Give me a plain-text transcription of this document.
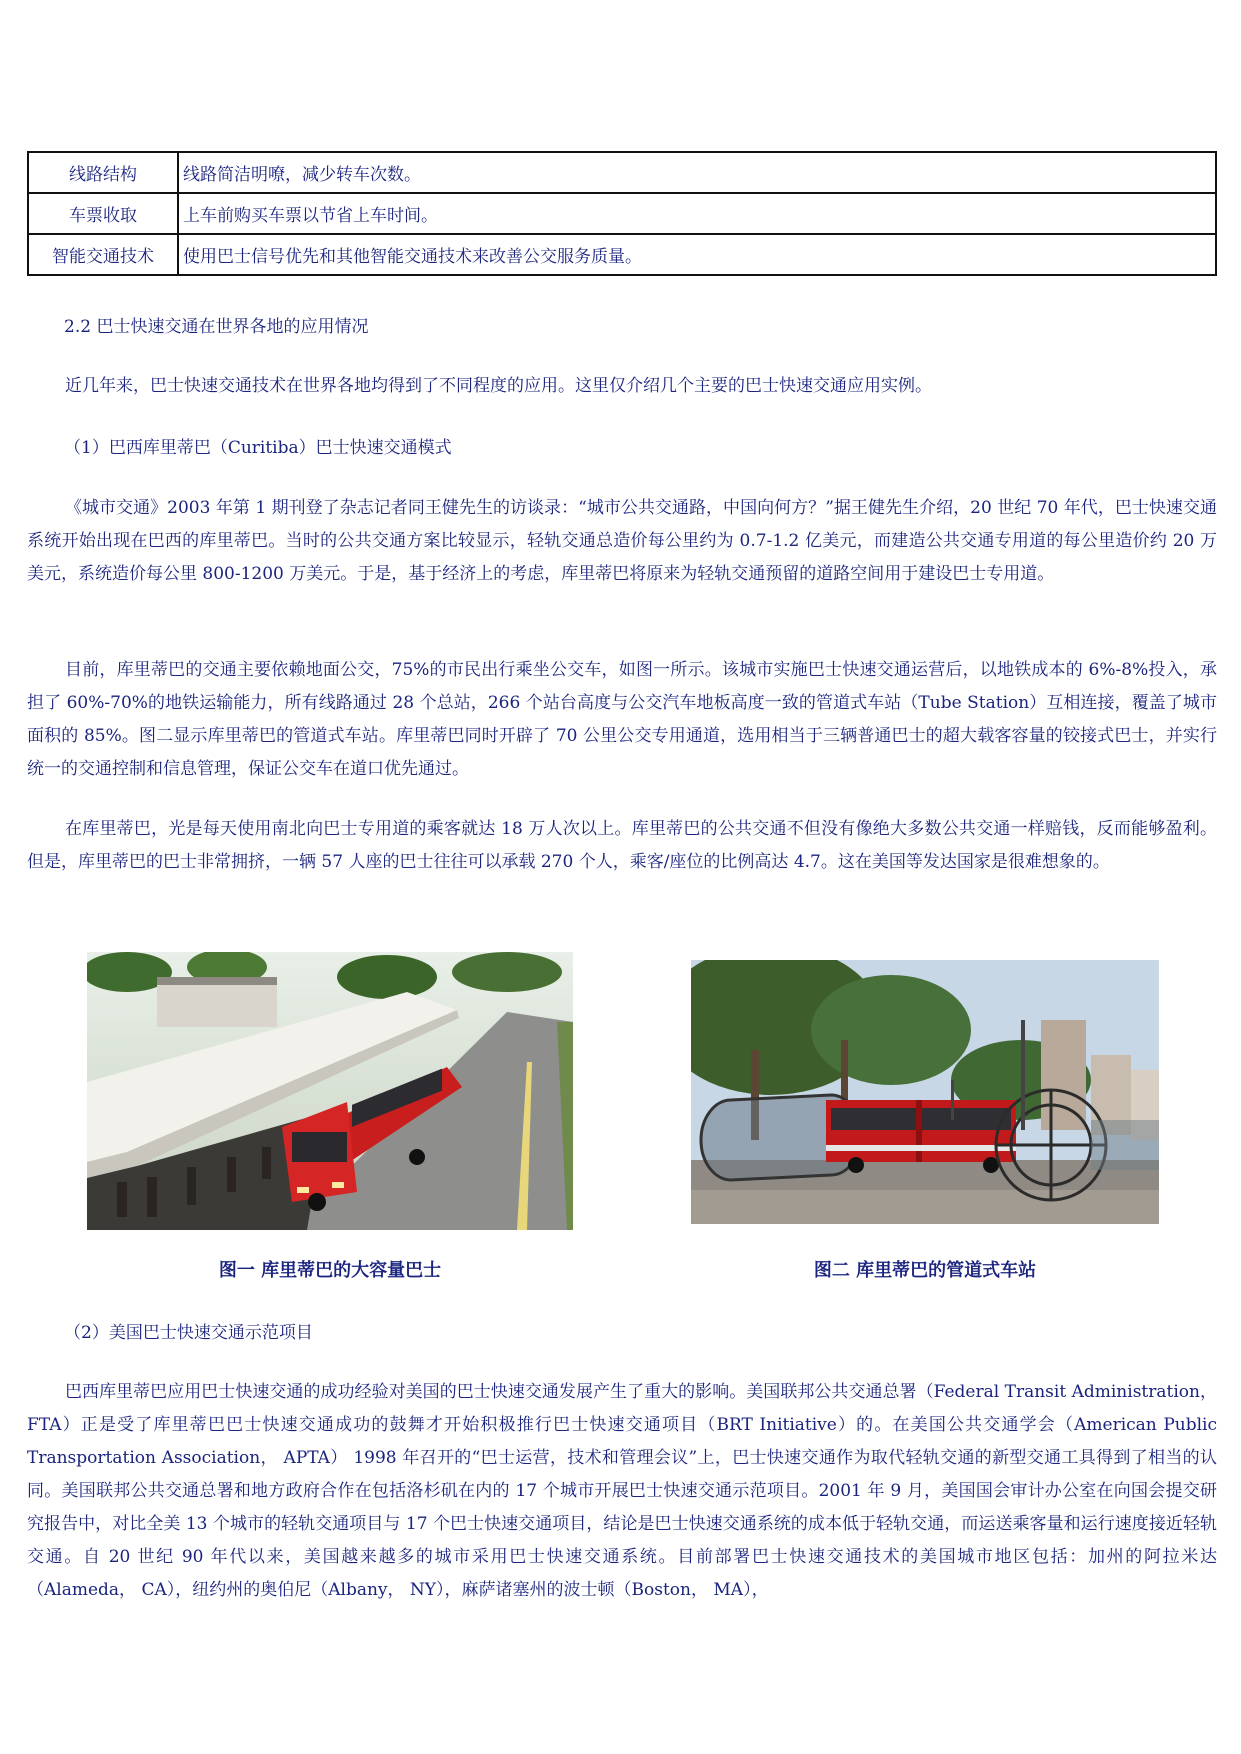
线路结构	线路简洁明嘹，减少转车次数。
车票收取	上车前购买车票以节省上车时间。
智能交通技术	使用巴士信号优先和其他智能交通技术来改善公交服务质量。

2.2 巴士快速交通在世界各地的应用情况

近几年来，巴士快速交通技术在世界各地均得到了不同程度的应用。这里仅介绍几个主要的巴士快速交通应用实例。

（1）巴西库里蒂巴（Curitiba）巴士快速交通模式

《城市交通》2003 年第 1 期刊登了杂志记者同王健先生的访谈录：“城市公共交通路，中国向何方？”据王健先生介绍，20 世纪 70 年代，巴士快速交通系统开始出现在巴西的库里蒂巴。当时的公共交通方案比较显示，轻轨交通总造价每公里约为 0.7-1.2 亿美元，而建造公共交通专用道的每公里造价约 20 万美元，系统造价每公里 800-1200 万美元。于是，基于经济上的考虑，库里蒂巴将原来为轻轨交通预留的道路空间用于建设巴士专用道。

目前，库里蒂巴的交通主要依赖地面公交，75%的市民出行乘坐公交车，如图一所示。该城市实施巴士快速交通运营后，以地铁成本的 6%-8%投入，承担了 60%-70%的地铁运输能力，所有线路通过 28 个总站，266 个站台高度与公交汽车地板高度一致的管道式车站（Tube Station）互相连接，覆盖了城市面积的 85%。图二显示库里蒂巴的管道式车站。库里蒂巴同时开辟了 70 公里公交专用通道，选用相当于三辆普通巴士的超大载客容量的铰接式巴士，并实行统一的交通控制和信息管理，保证公交车在道口优先通过。

在库里蒂巴，光是每天使用南北向巴士专用道的乘客就达 18 万人次以上。库里蒂巴的公共交通不但没有像绝大多数公共交通一样赔钱，反而能够盈利。但是，库里蒂巴的巴士非常拥挤，一辆 57 人座的巴士往往可以承载 270 个人，乘客/座位的比例高达 4.7。这在美国等发达国家是很难想象的。

图一 库里蒂巴的大容量巴士	图二 库里蒂巴的管道式车站

（2）美国巴士快速交通示范项目

巴西库里蒂巴应用巴士快速交通的成功经验对美国的巴士快速交通发展产生了重大的影响。美国联邦公共交通总署（Federal Transit Administration， FTA）正是受了库里蒂巴巴士快速交通成功的鼓舞才开始积极推行巴士快速交通项目（BRT Initiative）的。在美国公共交通学会（American Public Transportation Association， APTA） 1998 年召开的“巴士运营，技术和管理会议”上，巴士快速交通作为取代轻轨交通的新型交通工具得到了相当的认同。美国联邦公共交通总署和地方政府合作在包括洛杉矶在内的 17 个城市开展巴士快速交通示范项目。2001 年 9 月，美国国会审计办公室在向国会提交研究报告中，对比全美 13 个城市的轻轨交通项目与 17 个巴士快速交通项目，结论是巴士快速交通系统的成本低于轻轨交通，而运送乘客量和运行速度接近轻轨交通。自 20 世纪 90 年代以来，美国越来越多的城市采用巴士快速交通系统。目前部署巴士快速交通技术的美国城市地区包括：加州的阿拉米达（Alameda， CA），纽约州的奥伯尼（Albany， NY），麻萨诸塞州的波士顿（Boston， MA），
